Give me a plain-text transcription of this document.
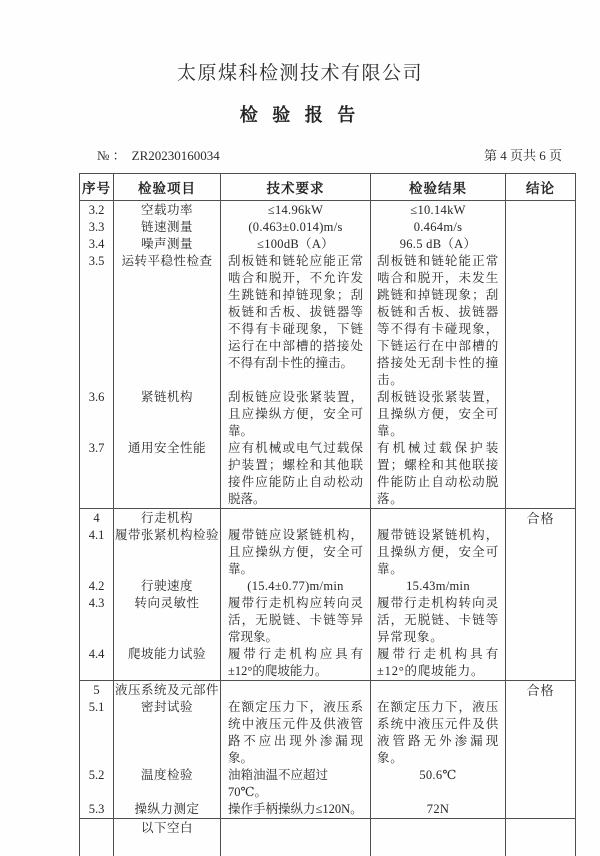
太原煤科检测技术有限公司
检 验 报 告
№ ： ZR20230160034	第 4 页共 6 页
序号	检验项目	技术要求	检验结果	结论
3.2	空载功率	≤14.96kW	≤10.14kW	
3.3	链速测量	(0.463±0.014)m/s	0.464m/s	
3.4	噪声测量	≤100dB（A）	96.5 dB（A）	
3.5	运转平稳性检查	刮板链和链轮应能正常啮合和脱开，不允许发生跳链和掉链现象；刮板链和舌板、拔链器等不得有卡碰现象，下链运行在中部槽的搭接处不得有刮卡性的撞击。	刮板链和链轮能正常啮合和脱开，未发生跳链和掉链现象；刮板链和舌板、拔链器等不得有卡碰现象，下链运行在中部槽的搭接处无刮卡性的撞击。	
3.6	紧链机构	刮板链应设张紧装置，且应操纵方便，安全可靠。	刮板链设张紧装置，且操纵方便，安全可靠。	
3.7	通用安全性能	应有机械或电气过载保护装置；螺栓和其他联接件应能防止自动松动脱落。	有机械过载保护装置；螺栓和其他联接件能防止自动松动脱落。	
4	行走机构			合格
4.1	履带张紧机构检验	履带链应设紧链机构，且应操纵方便，安全可靠。	履带链设紧链机构，且操纵方便，安全可靠。	
4.2	行驶速度	(15.4±0.77)m/min	15.43m/min	
4.3	转向灵敏性	履带行走机构应转向灵活，无脱链、卡链等异常现象。	履带行走机构转向灵活，无脱链、卡链等异常现象。	
4.4	爬坡能力试验	履带行走机构应具有±12°的爬坡能力。	履带行走机构具有±12°的爬坡能力。	
5	液压系统及元部件			合格
5.1	密封试验	在额定压力下，液压系统中液压元件及供液管路不应出现外渗漏现象。	在额定压力下，液压系统中液压元件及供液管路无外渗漏现象。	
5.2	温度检验	油箱油温不应超过 70℃。	50.6℃	
5.3	操纵力测定	操作手柄操纵力≤120N。	72N	
	以下空白			
